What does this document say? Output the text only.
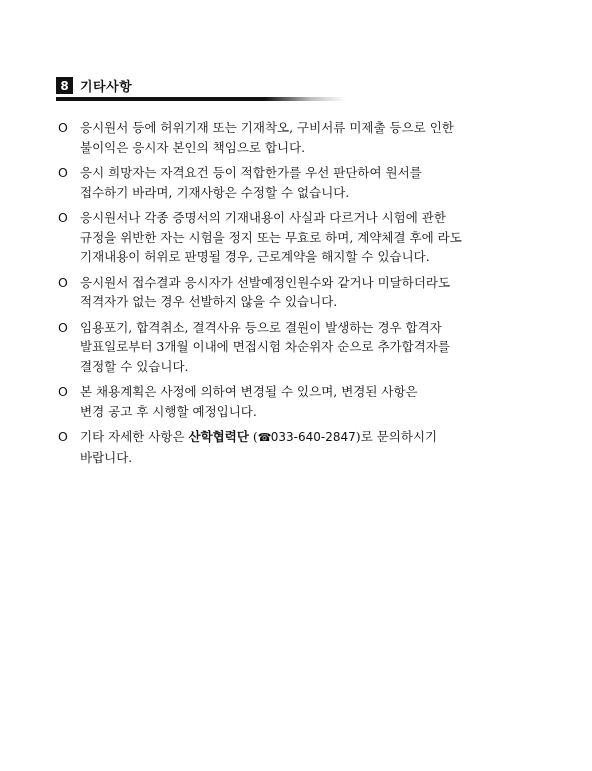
8 기타사항
O 응시원서 등에 허위기재 또는 기재착오, 구비서류 미제출 등으로 인한
불이익은 응시자 본인의 책임으로 합니다.
O 응시 희망자는 자격요건 등이 적합한가를 우선 판단하여 원서를
접수하기 바라며, 기재사항은 수정할 수 없습니다.
O 응시원서나 각종 증명서의 기재내용이 사실과 다르거나 시험에 관한
규정을 위반한 자는 시험을 정지 또는 무효로 하며, 계약체결 후에 라도
기재내용이 허위로 판명될 경우, 근로계약을 해지할 수 있습니다.
O 응시원서 접수결과 응시자가 선발예정인원수와 같거나 미달하더라도
적격자가 없는 경우 선발하지 않을 수 있습니다.
O 임용포기, 합격취소, 결격사유 등으로 결원이 발생하는 경우 합격자
발표일로부터 3개월 이내에 면접시험 차순위자 순으로 추가합격자를
결정할 수 있습니다.
O 본 채용계획은 사정에 의하여 변경될 수 있으며, 변경된 사항은
변경 공고 후 시행할 예정입니다.
O 기타 자세한 사항은 산학협력단 (☎033-640-2847)로 문의하시기
바랍니다.
